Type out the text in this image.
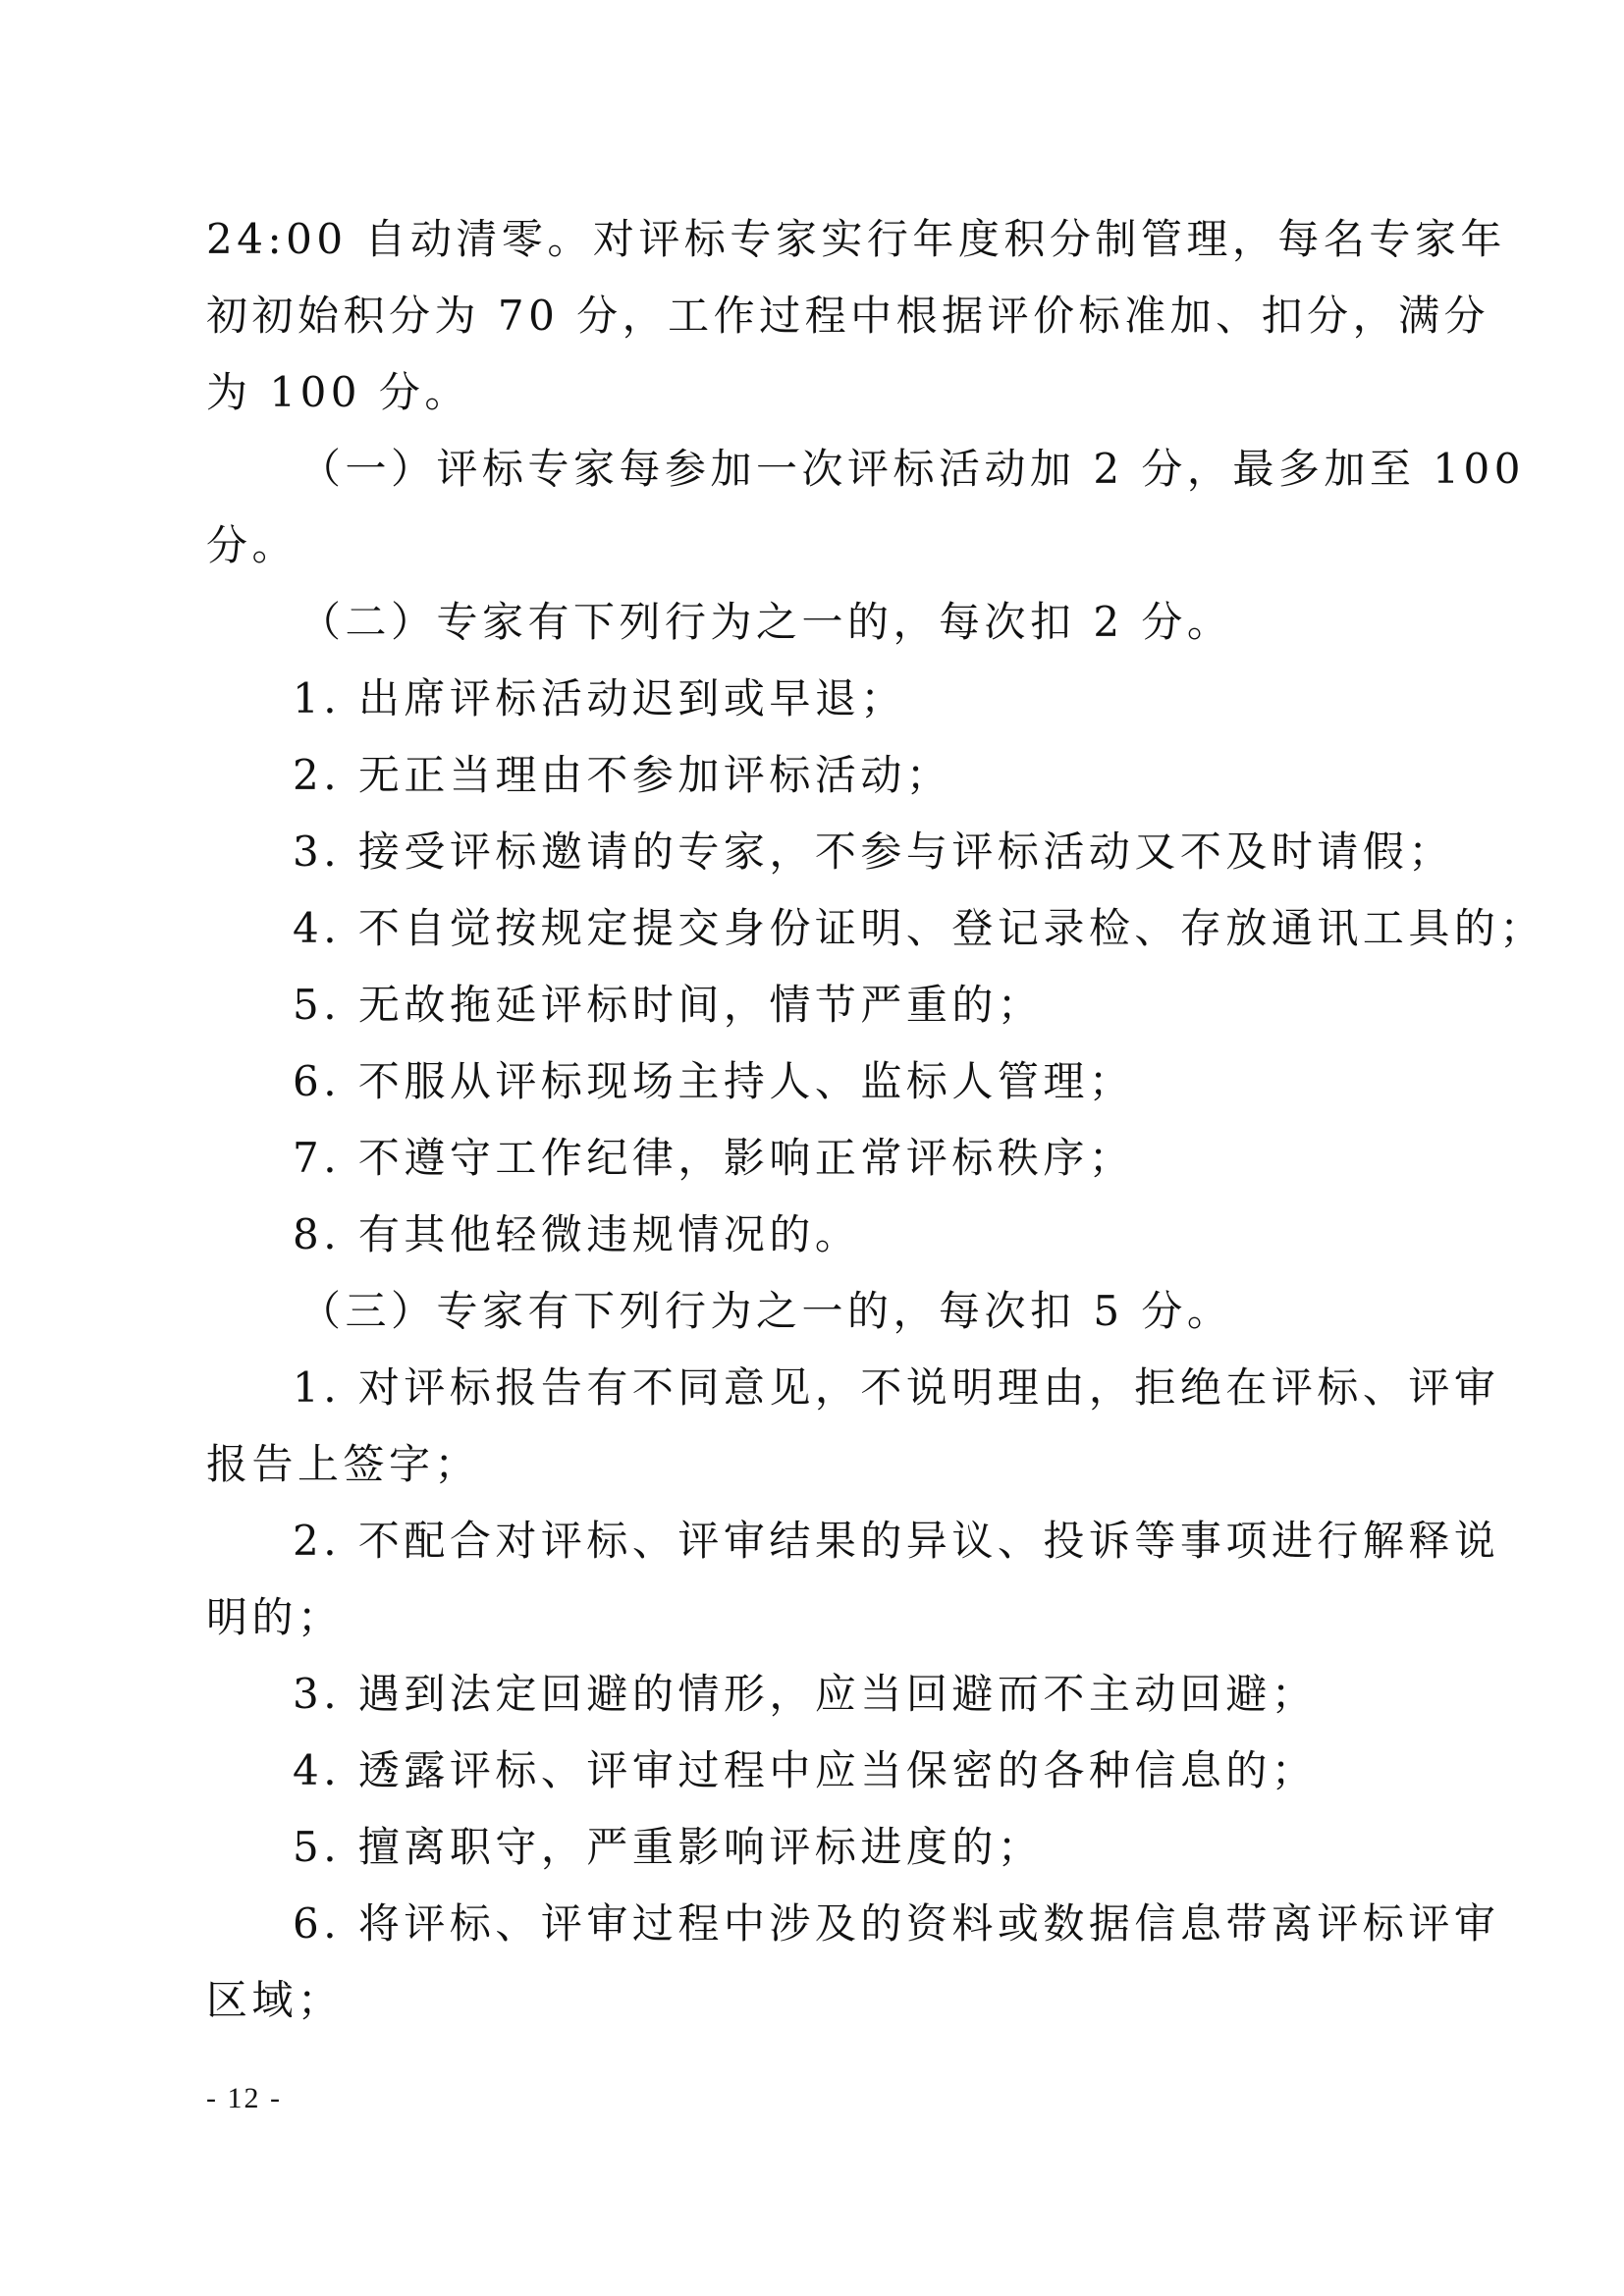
24:00 自动清零。对评标专家实行年度积分制管理，每名专家年
初初始积分为 70 分，工作过程中根据评价标准加、扣分，满分
为 100 分。
（一）评标专家每参加一次评标活动加 2 分，最多加至 100
分。
（二）专家有下列行为之一的，每次扣 2 分。
1. 出席评标活动迟到或早退；
2. 无正当理由不参加评标活动；
3. 接受评标邀请的专家，不参与评标活动又不及时请假；
4. 不自觉按规定提交身份证明、登记录检、存放通讯工具的；
5. 无故拖延评标时间，情节严重的；
6. 不服从评标现场主持人、监标人管理；
7. 不遵守工作纪律，影响正常评标秩序；
8. 有其他轻微违规情况的。
（三）专家有下列行为之一的，每次扣 5 分。
1. 对评标报告有不同意见，不说明理由，拒绝在评标、评审
报告上签字；
2. 不配合对评标、评审结果的异议、投诉等事项进行解释说
明的；
3. 遇到法定回避的情形，应当回避而不主动回避；
4. 透露评标、评审过程中应当保密的各种信息的；
5. 擅离职守，严重影响评标进度的；
6. 将评标、评审过程中涉及的资料或数据信息带离评标评审
区域；
- 12 -
